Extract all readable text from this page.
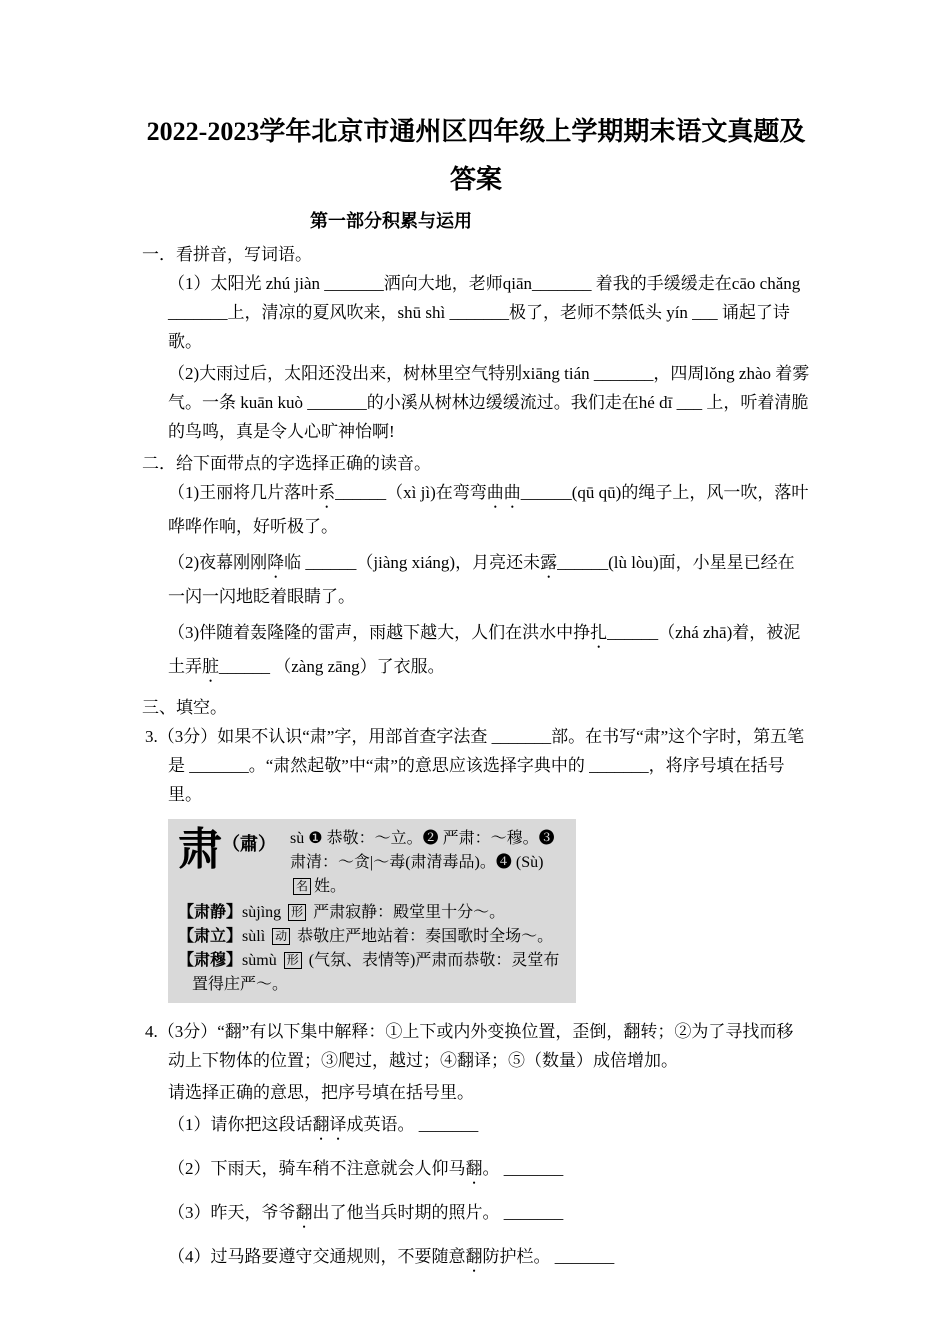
2022-2023学年北京市通州区四年级上学期期末语文真题及
答案
第一部分积累与运用

一．看拼音，写词语。

（1）太阳光 zhú jiàn _______洒向大地，老师qiān_______ 着我的手缓缓走在cāo chǎng _______上，清凉的夏风吹来，shū shì _______极了，老师不禁低头 yín ___ 诵起了诗歌。

（2)大雨过后，太阳还没出来，树林里空气特别xiāng tián _______，四周lǒng zhào 着雾气。一条 kuān kuò _______的小溪从树林边缓缓流过。我们走在hé dī ___ 上，听着清脆的鸟鸣，真是令人心旷神怡啊!

二．给下面带点的字选择正确的读音。

（1)王丽将几片落叶系______（xì jì)在弯弯曲曲______(qū qū)的绳子上，风一吹，落叶哗哗作响，好听极了。

（2)夜幕刚刚降临 ______（jiàng xiáng)，月亮还未露______(lù lòu)面，小星星已经在一闪一闪地眨着眼睛了。

（3)伴随着轰隆隆的雷声，雨越下越大，人们在洪水中挣扎______（zhá zhā)着，被泥土弄脏______ （zàng zāng）了衣服。

三、填空。

3.（3分）如果不认识“肃”字，用部首查字法查 _______部。在书写“肃”这个字时，第五笔是 _______。“肃然起敬”中“肃”的意思应该选择字典中的 _______，将序号填在括号里。

肃（肅） sù ❶ 恭敬：～立。❷ 严肃：～穆。❸ 肃清：～贪|～毒(肃清毒品)。❹ (Sù)名 姓。

【肃静】sùjìng 形 严肃寂静：殿堂里十分～。

【肃立】sùlì 动 恭敬庄严地站着：奏国歌时全场～。

【肃穆】sùmù 形 (气氛、表情等)严肃而恭敬：灵堂布置得庄严～。

4.（3分）“翻”有以下集中解释：①上下或内外变换位置，歪倒，翻转；②为了寻找而移动上下物体的位置；③爬过，越过；④翻译；⑤（数量）成倍增加。

请选择正确的意思，把序号填在括号里。

（1）请你把这段话翻译成英语。 _______

（2）下雨天，骑车稍不注意就会人仰马翻。 _______

（3）昨天，爷爷翻出了他当兵时期的照片。 _______

（4）过马路要遵守交通规则，不要随意翻防护栏。 _______
